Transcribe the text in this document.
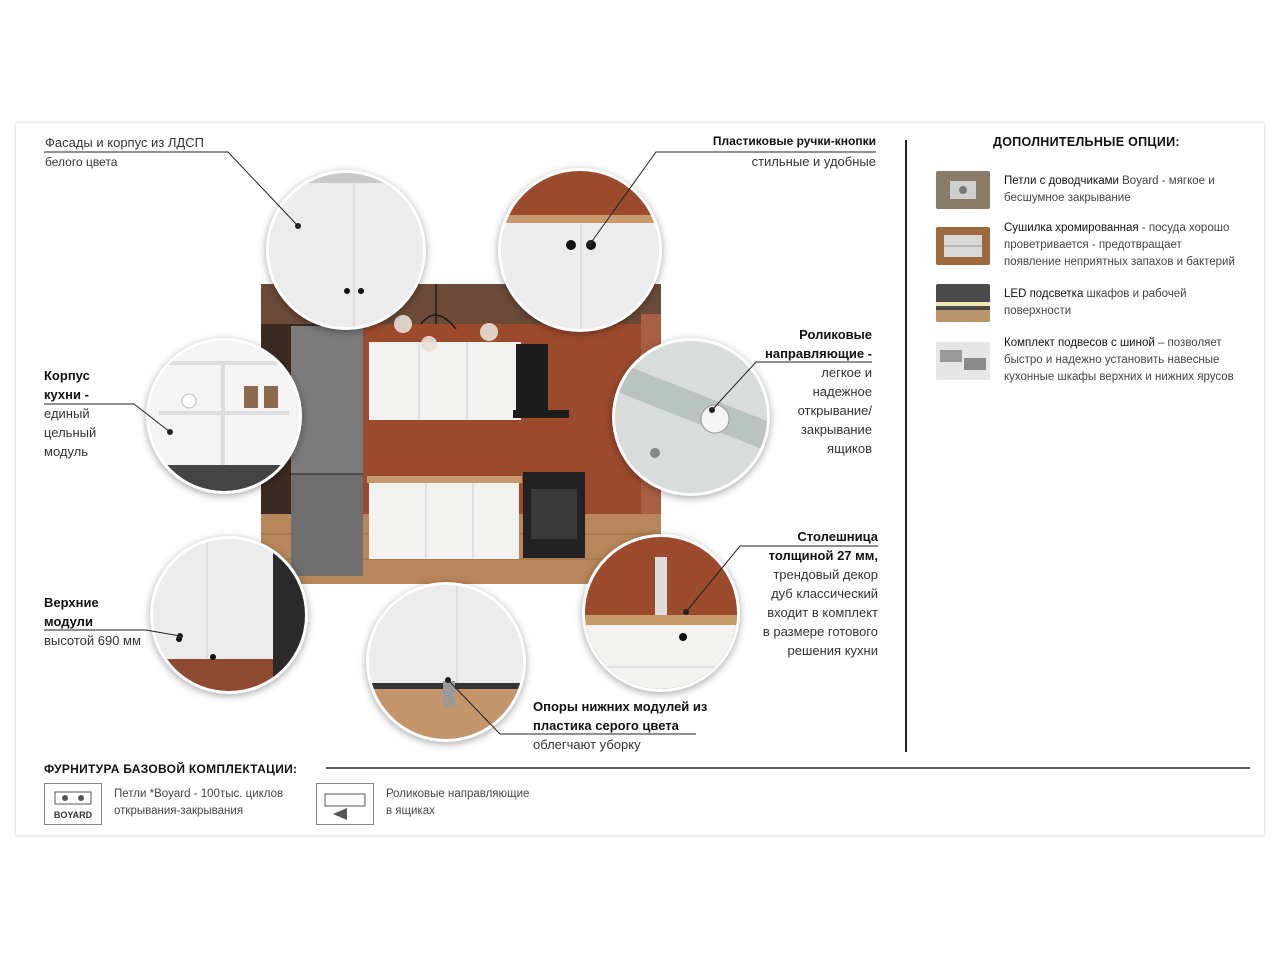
Фасады и корпус из ЛДСП
белого цвета
Пластиковые ручки-кнопки
стильные и удобные
Корпус
кухни -
единый
цельный
модуль
Роликовые
направляющие -
легкое и
надежное
открывание/
закрывание
ящиков
Верхние
модули
высотой 690 мм
Столешница
толщиной 27 мм,
трендовый декор
дуб классический
входит в комплект
в размере готового
решения кухни
Опоры нижних модулей из
пластика серого цвета
облегчают уборку
ДОПОЛНИТЕЛЬНЫЕ ОПЦИИ:
Петли с доводчиками Boyard - мягкое и
бесшумное закрывание
Сушилка хромированная - посуда хорошо
проветривается - предотвращает
появление неприятных запахов и бактерий
LED подсветка шкафов и рабочей
поверхности
Комплект подвесов с шиной – позволяет
быстро и надежно установить навесные
кухонные шкафы верхних и нижних ярусов
ФУРНИТУРА БАЗОВОЙ КОМПЛЕКТАЦИИ:
BOYARD
Петли *Boyard - 100тыс. циклов
открывания-закрывания
Роликовые направляющие
в ящиках
